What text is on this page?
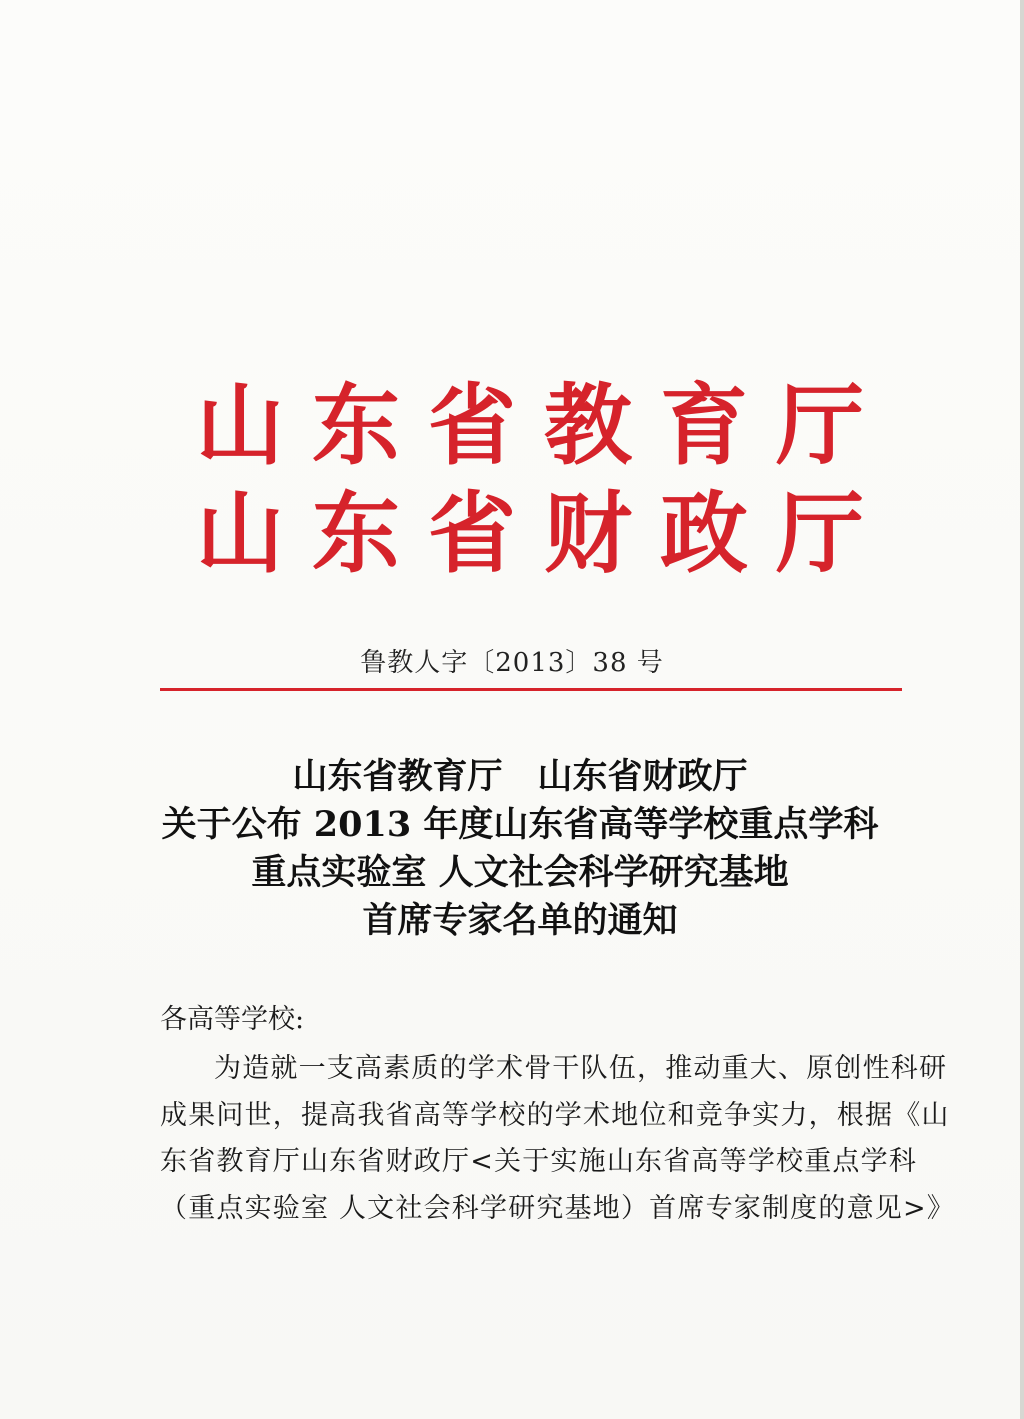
山 东 省 教 育 厅
山 东 省 财 政 厅
鲁教人字〔2013〕38 号
山东省教育厅　山东省财政厅
关于公布 2013 年度山东省高等学校重点学科
重点实验室 人文社会科学研究基地
首席专家名单的通知
各高等学校:
为造就一支高素质的学术骨干队伍，推动重大、原创性科研
成果问世，提高我省高等学校的学术地位和竞争实力，根据《山
东省教育厅山东省财政厅<关于实施山东省高等学校重点学科
（重点实验室 人文社会科学研究基地）首席专家制度的意见>》
